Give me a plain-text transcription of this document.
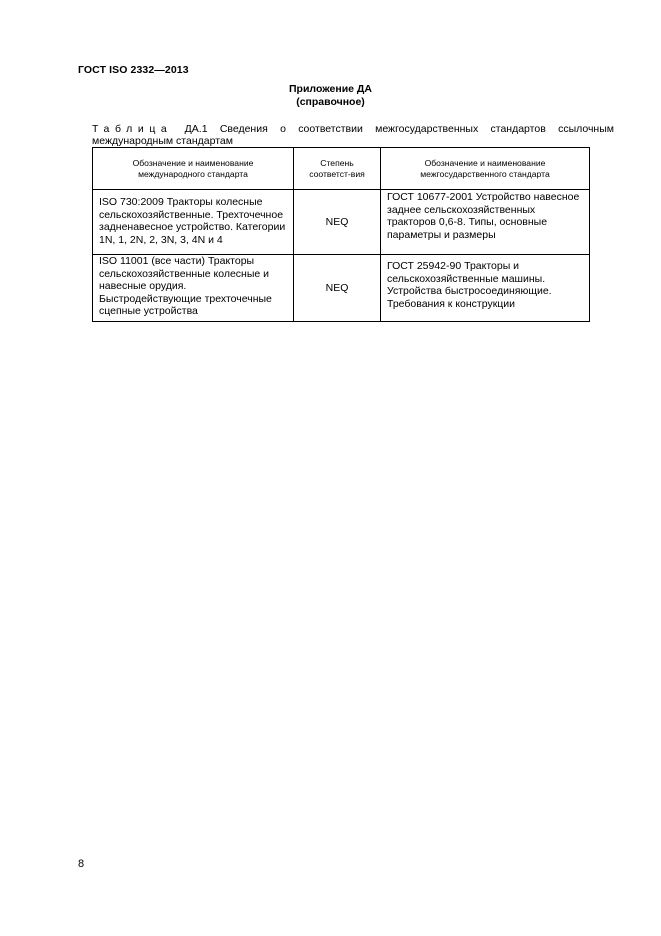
ГОСТ ISO 2332—2013
Приложение ДА
(справочное)
Таблица ДА.1 Сведения о соответствии межгосударственных стандартов ссылочным
международным стандартам
Обозначение и наименование международного стандарта	Степень соответст-вия	Обозначение и наименование межгосударственного стандарта
ISO 730:2009 Тракторы колесные сельскохозяйственные. Трехточечное задненавесное устройство. Категории 1N, 1, 2N, 2, 3N, 3, 4N и 4	NEQ	ГОСТ 10677-2001 Устройство навесное заднее сельскохозяйственных тракторов 0,6-8. Типы, основные параметры и размеры
ISO 11001 (все части) Тракторы сельскохозяйственные колесные и навесные орудия. Быстродействующие трехточечные сцепные устройства	NEQ	ГОСТ 25942-90 Тракторы и сельскохозяйственные машины. Устройства быстросоединяющие. Требования к конструкции
8
